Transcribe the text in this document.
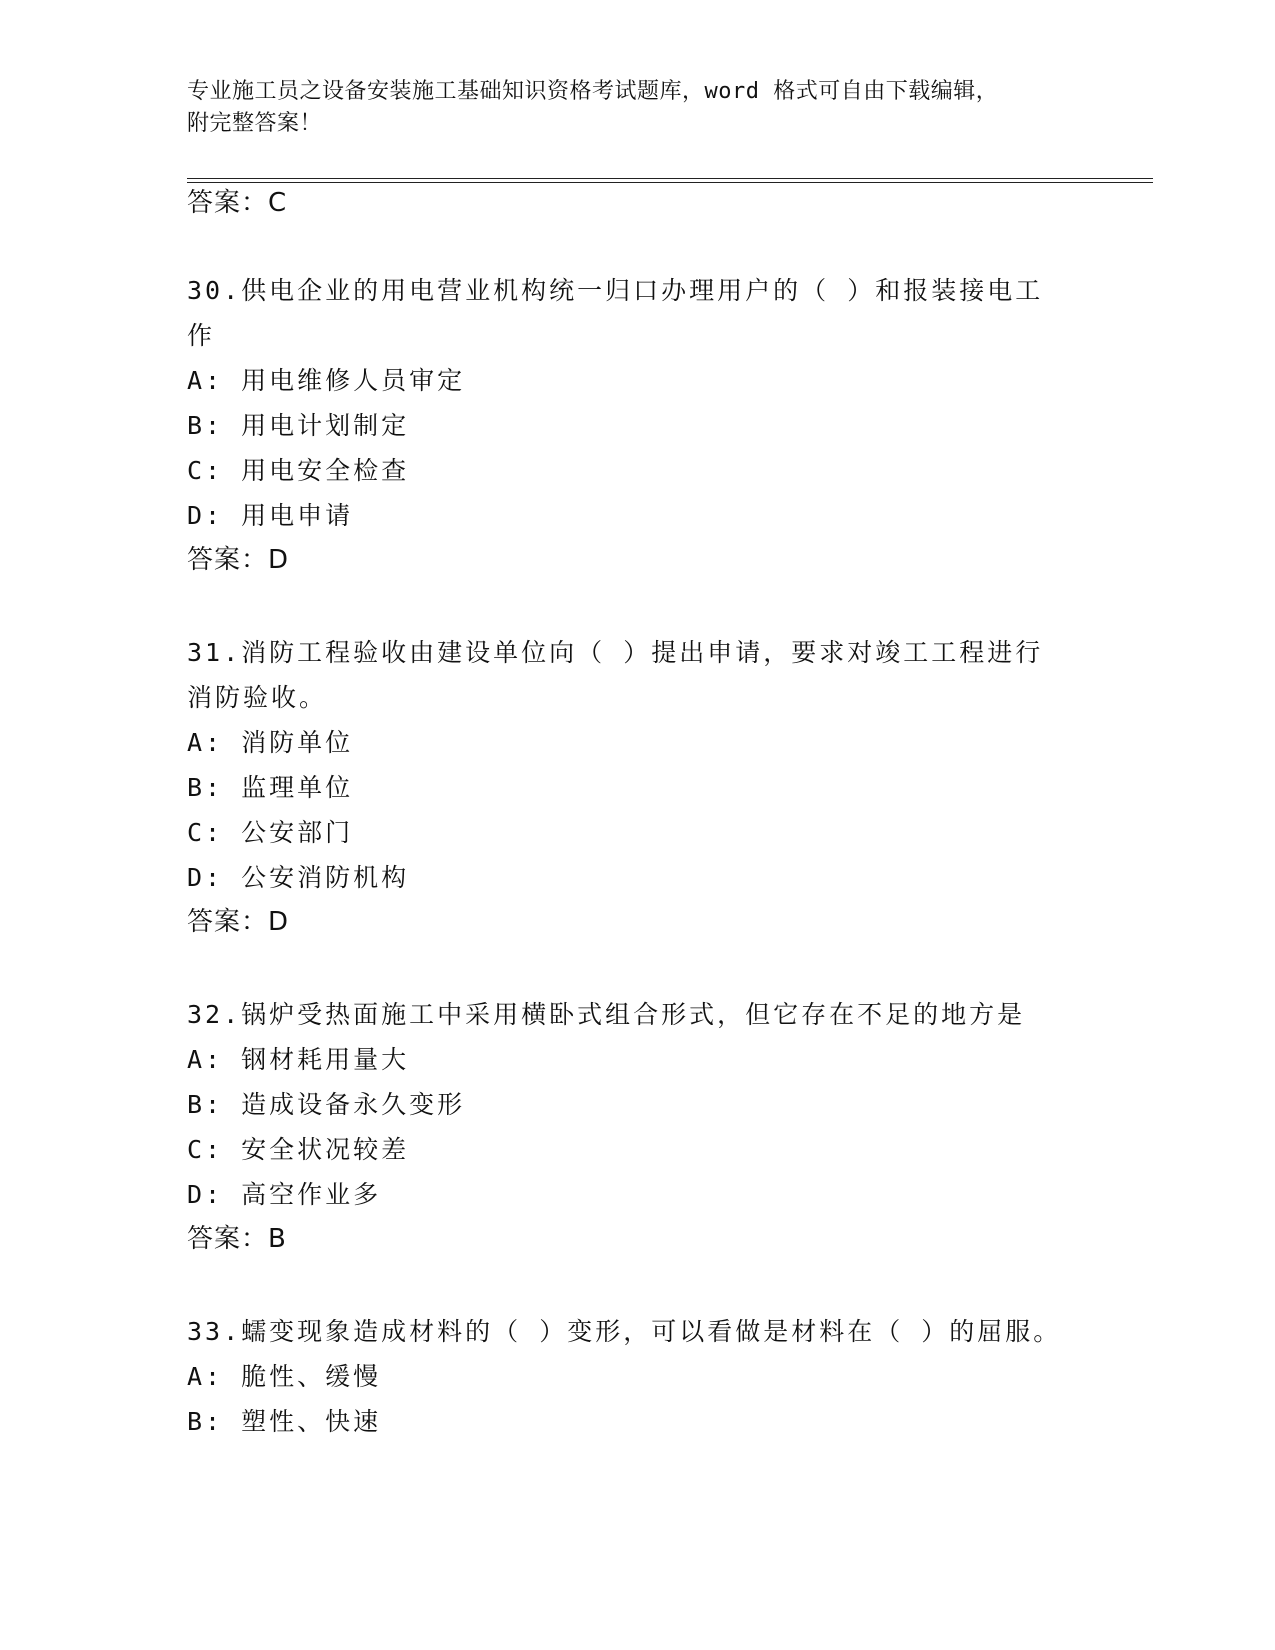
专业施工员之设备安装施工基础知识资格考试题库，word 格式可自由下载编辑，
附完整答案！
答案：C
30.供电企业的用电营业机构统一归口办理用户的（ ）和报装接电工
作
A: 用电维修人员审定
B: 用电计划制定
C: 用电安全检查
D: 用电申请
答案：D
31.消防工程验收由建设单位向（ ）提出申请，要求对竣工工程进行
消防验收。
A: 消防单位
B: 监理单位
C: 公安部门
D: 公安消防机构
答案：D
32.锅炉受热面施工中采用横卧式组合形式，但它存在不足的地方是
A: 钢材耗用量大
B: 造成设备永久变形
C: 安全状况较差
D: 高空作业多
答案：B
33.蠕变现象造成材料的（ ）变形，可以看做是材料在（ ）的屈服。
A: 脆性、缓慢
B: 塑性、快速
